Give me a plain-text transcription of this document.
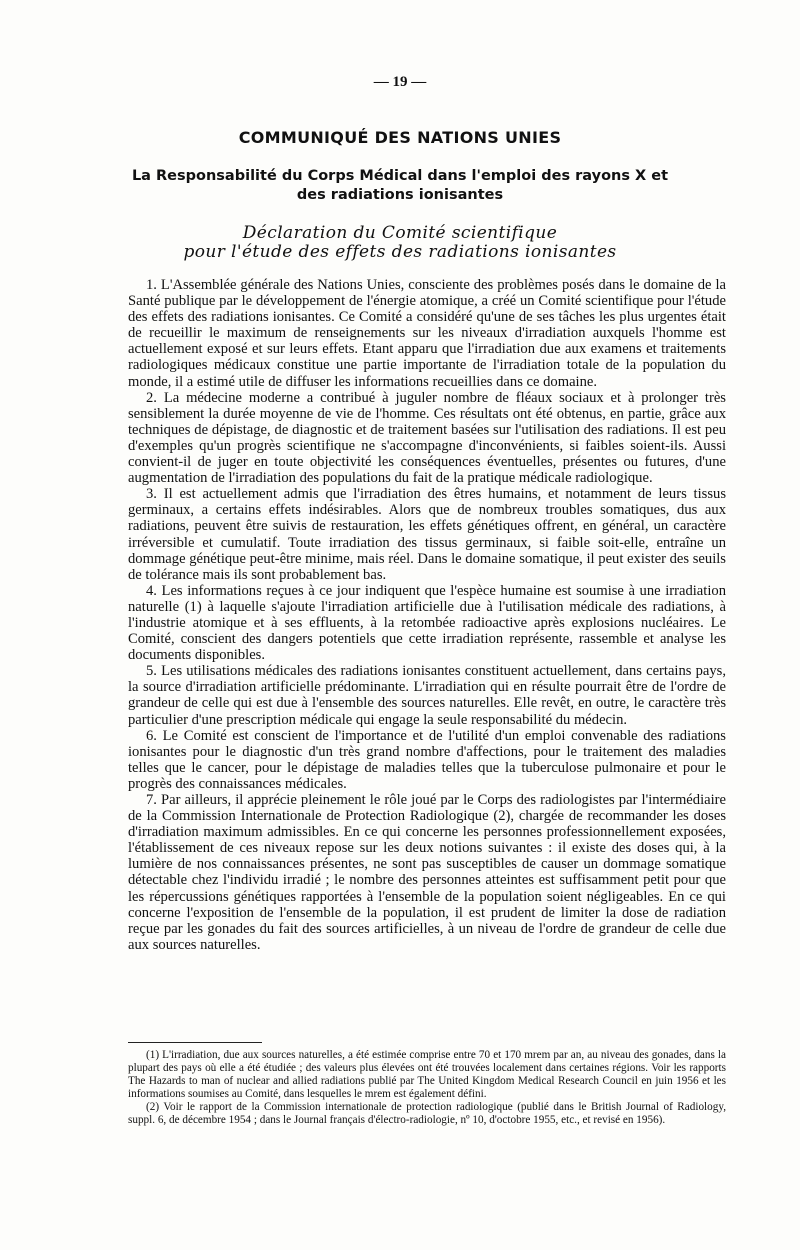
— 19 —
COMMUNIQUÉ DES NATIONS UNIES
La Responsabilité du Corps Médical dans l'emploi des rayons X et des radiations ionisantes
Déclaration du Comité scientifique
pour l'étude des effets des radiations ionisantes

1. L'Assemblée générale des Nations Unies, consciente des problèmes posés dans le domaine de la Santé publique par le développement de l'énergie atomique, a créé un Comité scientifique pour l'étude des effets des radiations ionisantes. Ce Comité a considéré qu'une de ses tâches les plus urgentes était de recueillir le maximum de renseignements sur les niveaux d'irradiation auxquels l'homme est actuellement exposé et sur leurs effets. Etant apparu que l'irradiation due aux examens et traitements radiologiques médicaux constitue une partie importante de l'irradiation totale de la population du monde, il a estimé utile de diffuser les informations recueillies dans ce domaine.

2. La médecine moderne a contribué à juguler nombre de fléaux sociaux et à prolonger très sensiblement la durée moyenne de vie de l'homme. Ces résultats ont été obtenus, en partie, grâce aux techniques de dépistage, de diagnostic et de traitement basées sur l'utilisation des radiations. Il est peu d'exemples qu'un progrès scientifique ne s'accompagne d'inconvénients, si faibles soient-ils. Aussi convient-il de juger en toute objectivité les conséquences éventuelles, présentes ou futures, d'une augmentation de l'irradiation des populations du fait de la pratique médicale radiologique.

3. Il est actuellement admis que l'irradiation des êtres humains, et notamment de leurs tissus germinaux, a certains effets indésirables. Alors que de nombreux troubles somatiques, dus aux radiations, peuvent être suivis de restauration, les effets génétiques offrent, en général, un caractère irréversible et cumulatif. Toute irradiation des tissus germinaux, si faible soit-elle, entraîne un dommage génétique peut-être minime, mais réel. Dans le domaine somatique, il peut exister des seuils de tolérance mais ils sont probablement bas.

4. Les informations reçues à ce jour indiquent que l'espèce humaine est soumise à une irradiation naturelle (1) à laquelle s'ajoute l'irradiation artificielle due à l'utilisation médicale des radiations, à l'industrie atomique et à ses effluents, à la retombée radioactive après explosions nucléaires. Le Comité, conscient des dangers potentiels que cette irradiation représente, rassemble et analyse les documents disponibles.

5. Les utilisations médicales des radiations ionisantes constituent actuellement, dans certains pays, la source d'irradiation artificielle prédominante. L'irradiation qui en résulte pourrait être de l'ordre de grandeur de celle qui est due à l'ensemble des sources naturelles. Elle revêt, en outre, le caractère très particulier d'une prescription médicale qui engage la seule responsabilité du médecin.

6. Le Comité est conscient de l'importance et de l'utilité d'un emploi convenable des radiations ionisantes pour le diagnostic d'un très grand nombre d'affections, pour le traitement des maladies telles que le cancer, pour le dépistage de maladies telles que la tuberculose pulmonaire et pour le progrès des connaissances médicales.

7. Par ailleurs, il apprécie pleinement le rôle joué par le Corps des radiologistes par l'intermédiaire de la Commission Internationale de Protection Radiologique (2), chargée de recommander les doses d'irradiation maximum admissibles. En ce qui concerne les personnes professionnellement exposées, l'établissement de ces niveaux repose sur les deux notions suivantes : il existe des doses qui, à la lumière de nos connaissances présentes, ne sont pas susceptibles de causer un dommage somatique détectable chez l'individu irradié ; le nombre des personnes atteintes est suffisamment petit pour que les répercussions génétiques rapportées à l'ensemble de la population soient négligeables. En ce qui concerne l'exposition de l'ensemble de la population, il est prudent de limiter la dose de radiation reçue par les gonades du fait des sources artificielles, à un niveau de l'ordre de grandeur de celle due aux sources naturelles.

(1) L'irradiation, due aux sources naturelles, a été estimée comprise entre 70 et 170 mrem par an, au niveau des gonades, dans la plupart des pays où elle a été étudiée ; des valeurs plus élevées ont été trouvées localement dans certaines régions. Voir les rapports The Hazards to man of nuclear and allied radiations publié par The United Kingdom Medical Research Council en juin 1956 et les informations soumises au Comité, dans lesquelles le mrem est également défini.

(2) Voir le rapport de la Commission internationale de protection radiologique (publié dans le British Journal of Radiology, suppl. 6, de décembre 1954 ; dans le Journal français d'électro-radiologie, nº 10, d'octobre 1955, etc., et revisé en 1956).
